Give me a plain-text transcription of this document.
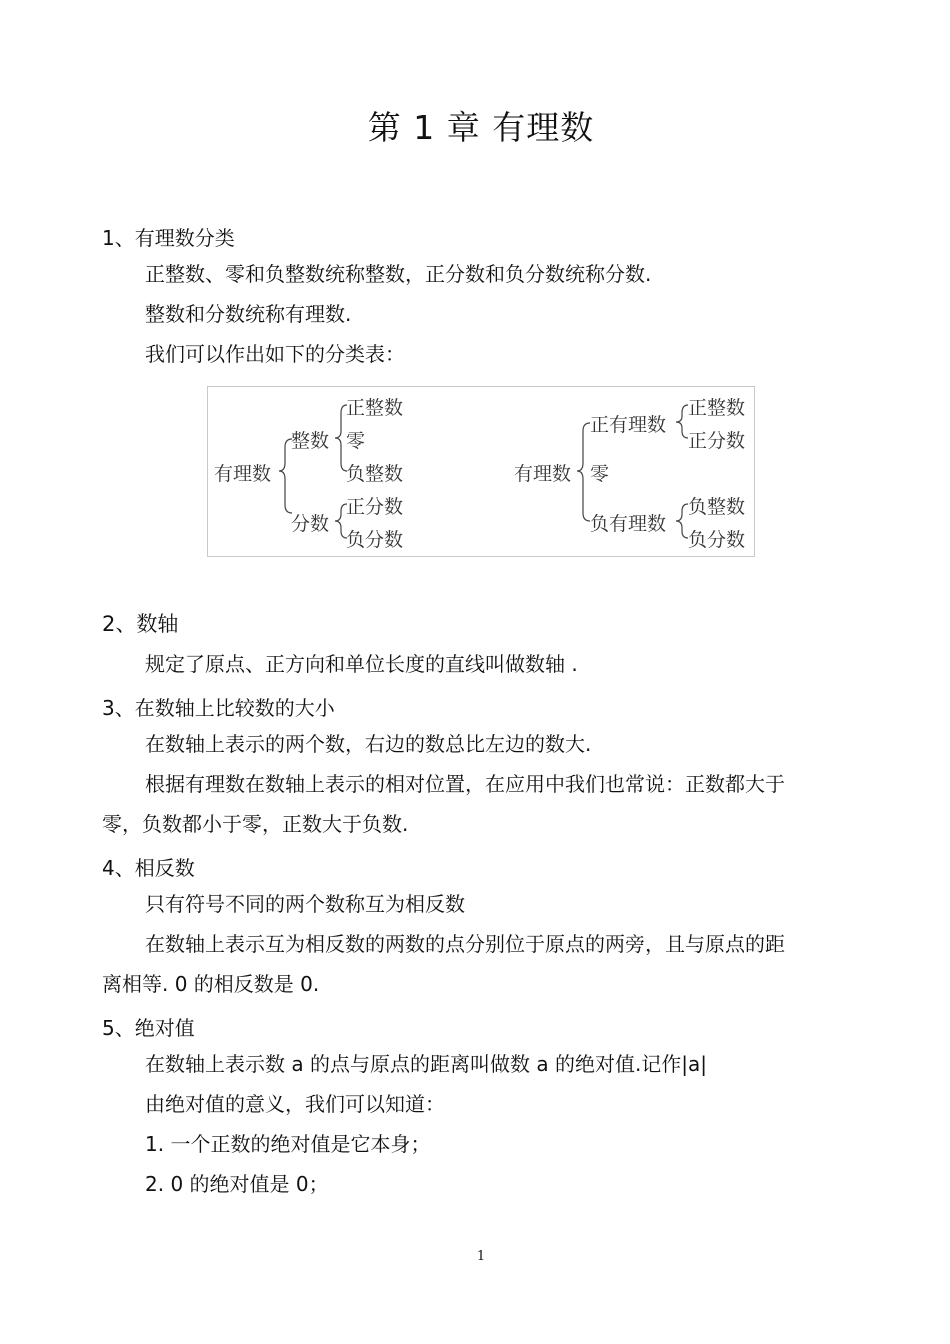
第 1 章 有理数
1、有理数分类
正整数、零和负整数统称整数，正分数和负分数统称分数.
整数和分数统称有理数.
我们可以作出如下的分类表：
有理数
整数
分数
正整数
零
负整数
正分数
负分数
有理数
正有理数
零
负有理数
正整数
正分数
负整数
负分数
2、数轴
规定了原点、正方向和单位长度的直线叫做数轴 .
3、在数轴上比较数的大小
在数轴上表示的两个数，右边的数总比左边的数大.
根据有理数在数轴上表示的相对位置，在应用中我们也常说：正数都大于
零，负数都小于零，正数大于负数.
4、相反数
只有符号不同的两个数称互为相反数
在数轴上表示互为相反数的两数的点分别位于原点的两旁，且与原点的距
离相等. 0 的相反数是 0.
5、绝对值
在数轴上表示数 a 的点与原点的距离叫做数 a 的绝对值.记作|a|
由绝对值的意义，我们可以知道：
1. 一个正数的绝对值是它本身；
2. 0 的绝对值是 0；
1
